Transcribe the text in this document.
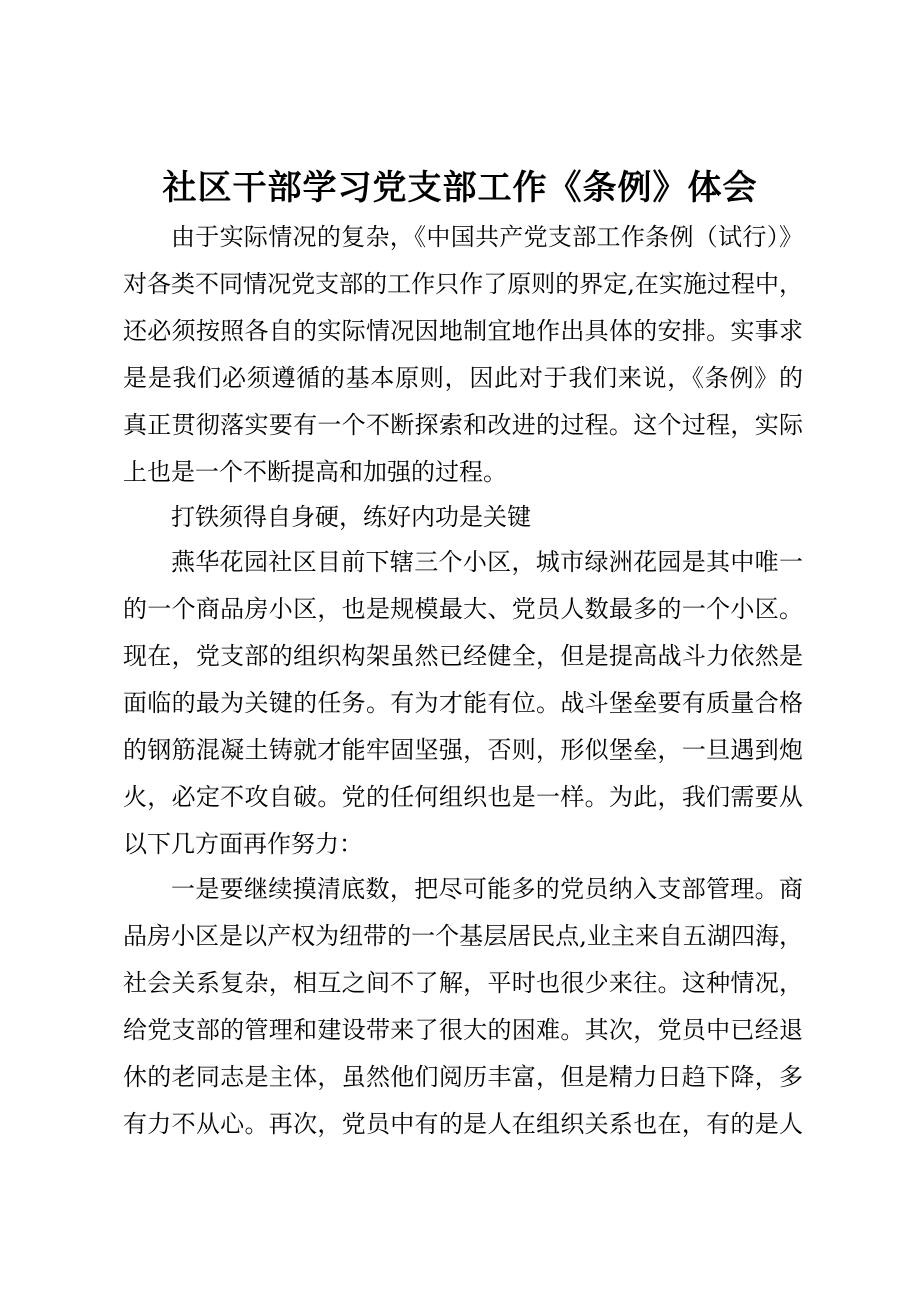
社区干部学习党支部工作《条例》体会
由于实际情况的复杂，《中国共产党支部工作条例（试行）》
对各类不同情况党支部的工作只作了原则的界定,在实施过程中，
还必须按照各自的实际情况因地制宜地作出具体的安排。实事求
是是我们必须遵循的基本原则，因此对于我们来说，《条例》的
真正贯彻落实要有一个不断探索和改进的过程。这个过程，实际
上也是一个不断提高和加强的过程。
打铁须得自身硬，练好内功是关键
燕华花园社区目前下辖三个小区，城市绿洲花园是其中唯一
的一个商品房小区，也是规模最大、党员人数最多的一个小区。
现在，党支部的组织构架虽然已经健全，但是提高战斗力依然是
面临的最为关键的任务。有为才能有位。战斗堡垒要有质量合格
的钢筋混凝土铸就才能牢固坚强，否则，形似堡垒，一旦遇到炮
火，必定不攻自破。党的任何组织也是一样。为此，我们需要从
以下几方面再作努力：
一是要继续摸清底数，把尽可能多的党员纳入支部管理。商
品房小区是以产权为纽带的一个基层居民点,业主来自五湖四海，
社会关系复杂，相互之间不了解，平时也很少来往。这种情况，
给党支部的管理和建设带来了很大的困难。其次，党员中已经退
休的老同志是主体，虽然他们阅历丰富，但是精力日趋下降，多
有力不从心。再次，党员中有的是人在组织关系也在，有的是人
